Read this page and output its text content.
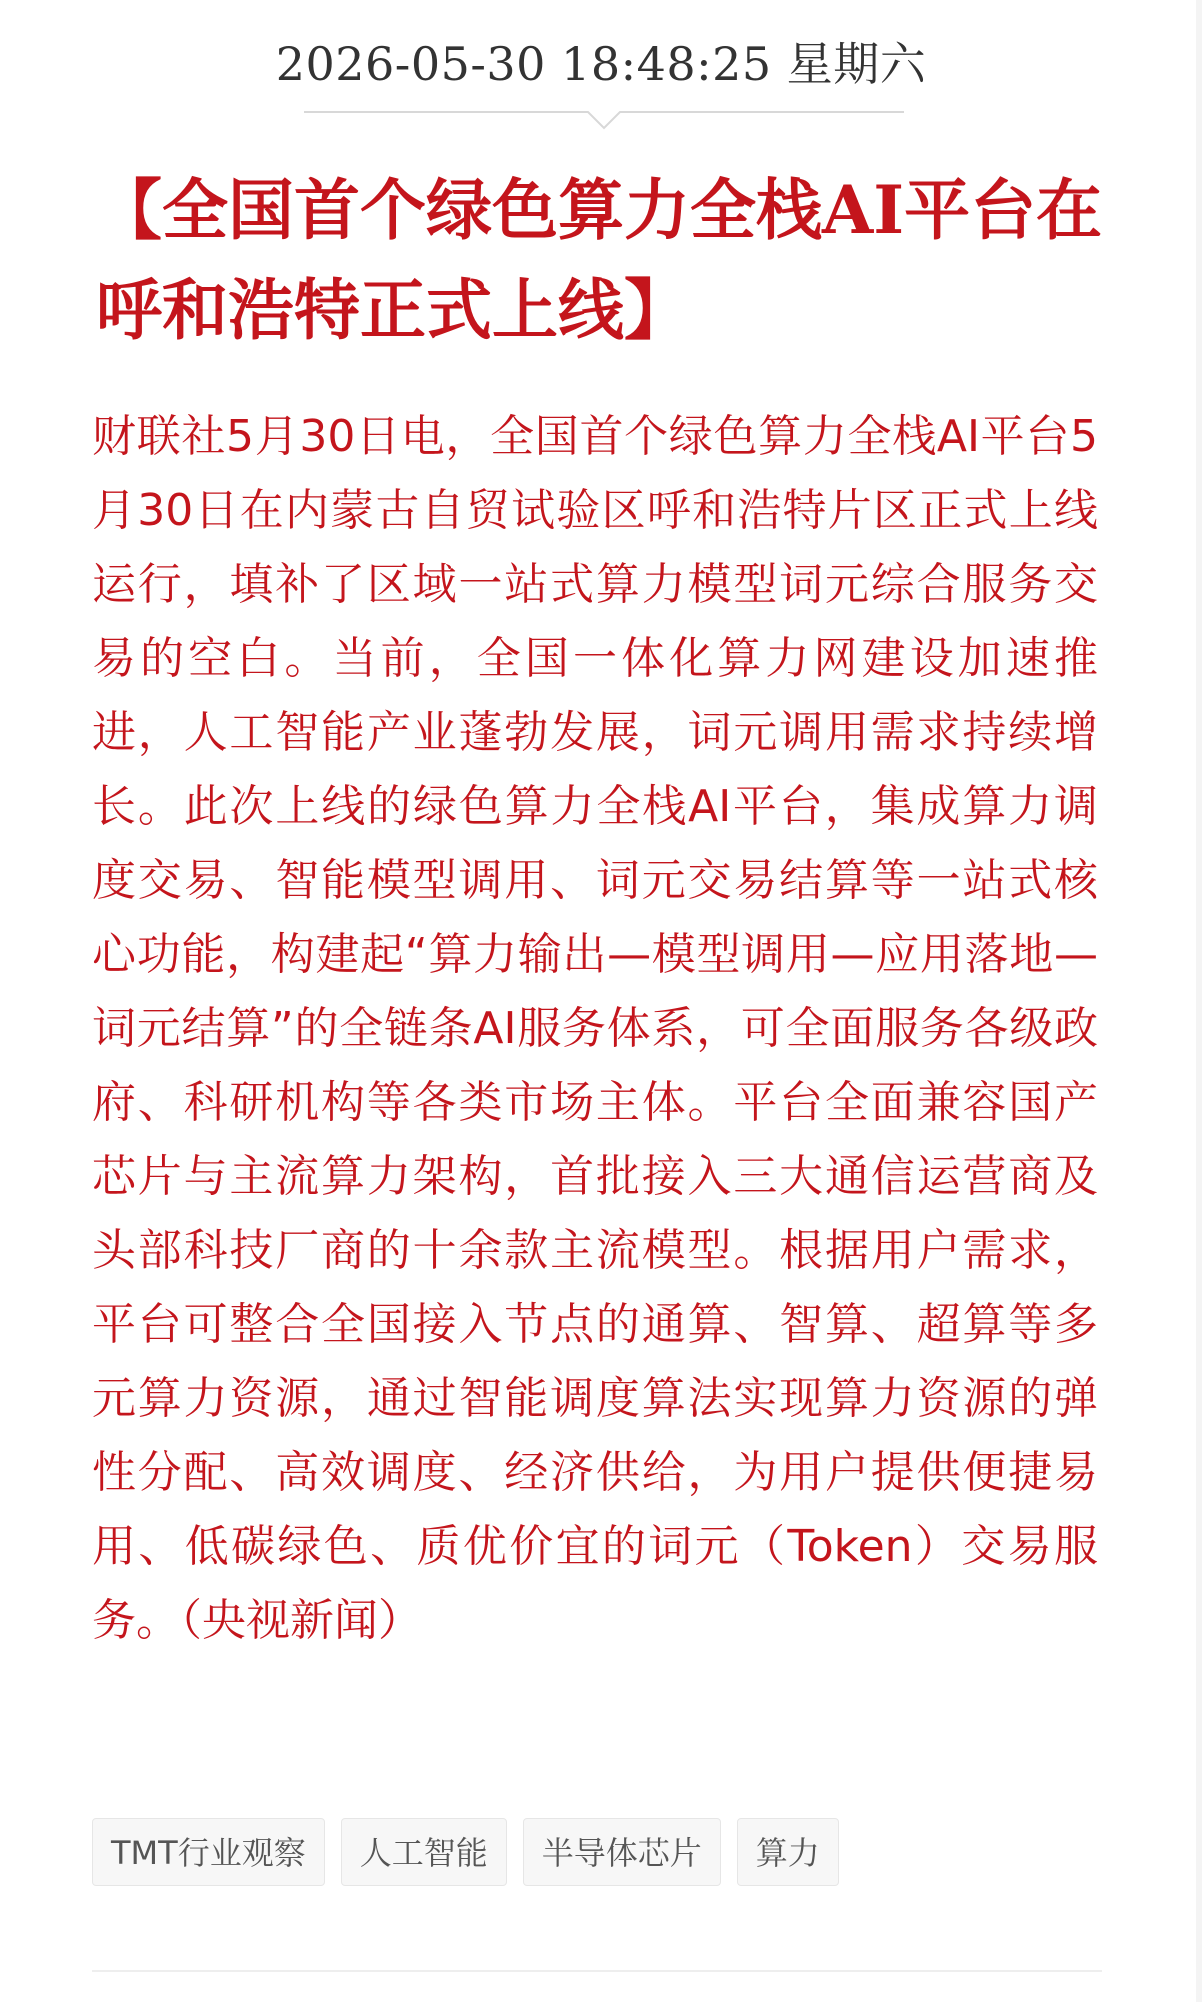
2026-05-30 18:48:25 星期六
【全国首个绿色算力全栈AI平台在呼和浩特正式上线】

财联社5月30日电，全国首个绿色算力全栈AI平台5月30日在内蒙古自贸试验区呼和浩特片区正式上线运行，填补了区域一站式算力模型词元综合服务交易的空白。当前，全国一体化算力网建设加速推进，人工智能产业蓬勃发展，词元调用需求持续增长。此次上线的绿色算力全栈AI平台，集成算力调度交易、智能模型调用、词元交易结算等一站式核心功能，构建起“算力输出—模型调用—应用落地—词元结算”的全链条AI服务体系，可全面服务各级政府、科研机构等各类市场主体。平台全面兼容国产芯片与主流算力架构，首批接入三大通信运营商及头部科技厂商的十余款主流模型。根据用户需求，平台可整合全国接入节点的通算、智算、超算等多元算力资源，通过智能调度算法实现算力资源的弹性分配、高效调度、经济供给，为用户提供便捷易用、低碳绿色、质优价宜的词元（Token）交易服务。（央视新闻）

TMT行业观察	人工智能	半导体芯片	算力
